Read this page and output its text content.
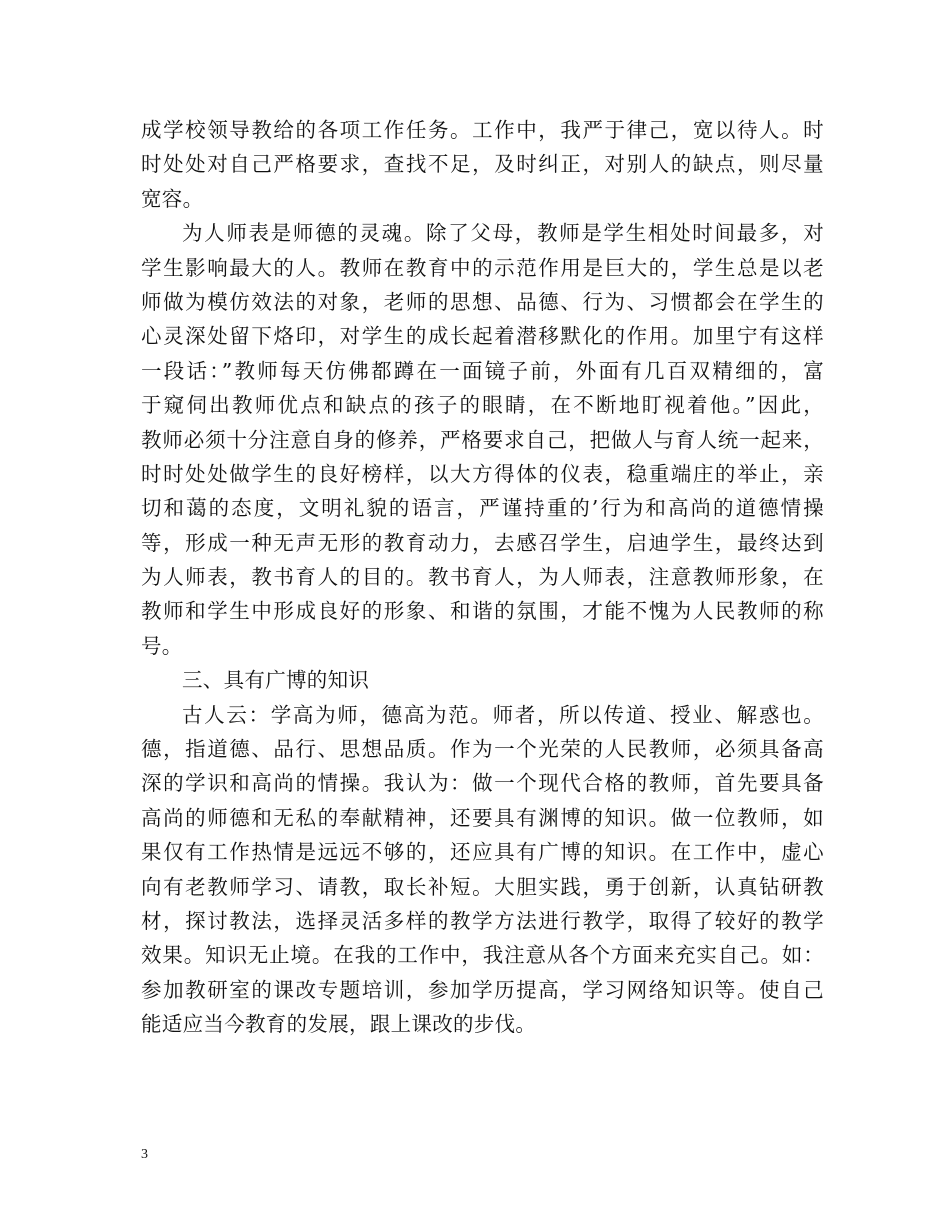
成学校领导教给的各项工作任务。工作中，我严于律己，宽以待人。时
时处处对自己严格要求，查找不足，及时纠正，对别人的缺点，则尽量
宽容。
为人师表是师德的灵魂。除了父母，教师是学生相处时间最多，对
学生影响最大的人。教师在教育中的示范作用是巨大的，学生总是以老
师做为模仿效法的对象，老师的思想、品德、行为、习惯都会在学生的
心灵深处留下烙印，对学生的成长起着潜移默化的作用。加里宁有这样
一段话：”教师每天仿佛都蹲在一面镜子前，外面有几百双精细的，富
于窥伺出教师优点和缺点的孩子的眼睛，在不断地盯视着他。”因此，
教师必须十分注意自身的修养，严格要求自己，把做人与育人统一起来，
时时处处做学生的良好榜样，以大方得体的仪表，稳重端庄的举止，亲
切和蔼的态度，文明礼貌的语言，严谨持重的’行为和高尚的道德情操
等，形成一种无声无形的教育动力，去感召学生，启迪学生，最终达到
为人师表，教书育人的目的。教书育人，为人师表，注意教师形象，在
教师和学生中形成良好的形象、和谐的氛围，才能不愧为人民教师的称
号。
三、具有广博的知识
古人云：学高为师，德高为范。师者，所以传道、授业、解惑也。
德，指道德、品行、思想品质。作为一个光荣的人民教师，必须具备高
深的学识和高尚的情操。我认为：做一个现代合格的教师，首先要具备
高尚的师德和无私的奉献精神，还要具有渊博的知识。做一位教师，如
果仅有工作热情是远远不够的，还应具有广博的知识。在工作中，虚心
向有老教师学习、请教，取长补短。大胆实践，勇于创新，认真钻研教
材，探讨教法，选择灵活多样的教学方法进行教学，取得了较好的教学
效果。知识无止境。在我的工作中，我注意从各个方面来充实自己。如：
参加教研室的课改专题培训，参加学历提高，学习网络知识等。使自己
能适应当今教育的发展，跟上课改的步伐。
3
